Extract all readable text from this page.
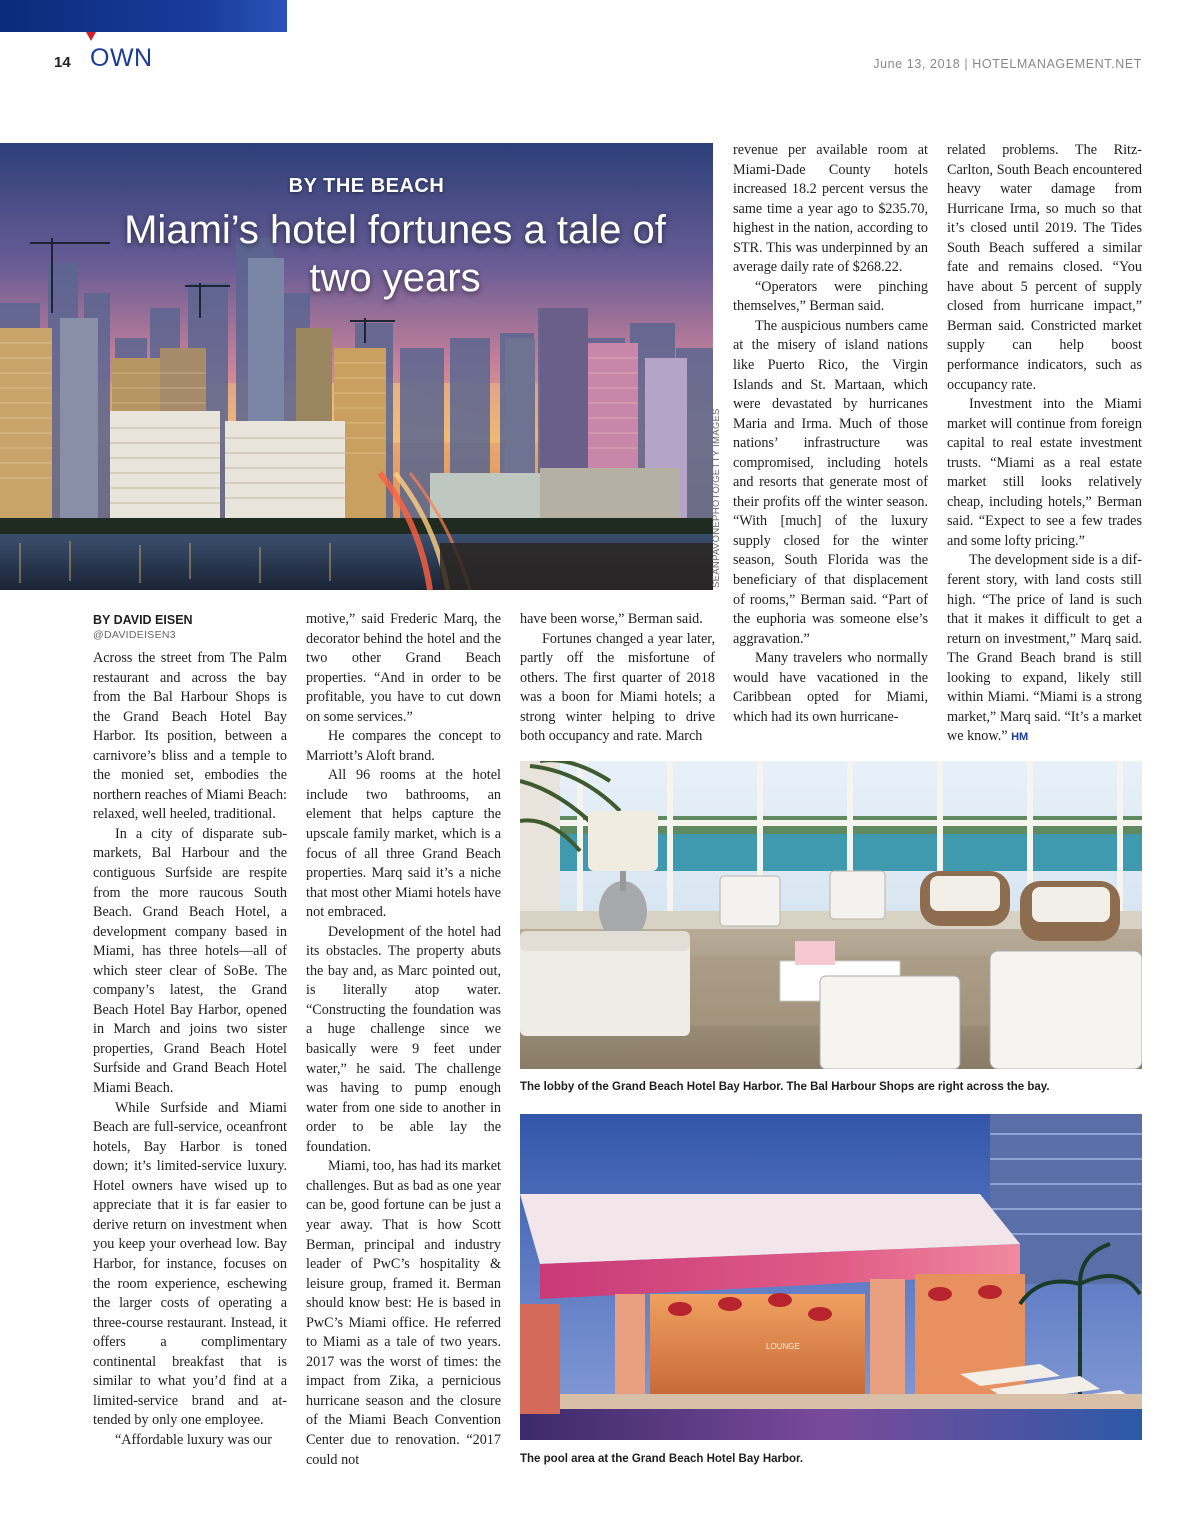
14 OWN	June 13, 2018 | HOTELMANAGEMENT.NET
BY THE BEACH
Miami’s hotel fortunes a tale of two years
SEANPAVONEPHOTO/GETTY IMAGES
BY DAVID EISEN
@DAVIDEISEN3

Across the street from The Palm restaurant and across the bay from the Bal Harbour Shops is the Grand Beach Hotel Bay Harbor. Its position, between a carnivore’s bliss and a temple to the monied set, embodies the northern reaches of Miami Beach: relaxed, well heeled, traditional.

In a city of disparate submarkets, Bal Harbour and the contiguous Surfside are respite from the more raucous South Beach. Grand Beach Hotel, a development company based in Miami, has three hotels—all of which steer clear of SoBe. The company’s latest, the Grand Beach Hotel Bay Harbor, opened in March and joins two sister properties, Grand Beach Hotel Surfside and Grand Beach Hotel Miami Beach.

While Surfside and Miami Beach are full-service, oceanfront hotels, Bay Harbor is toned down; it’s limited-service luxury. Hotel owners have wised up to appreciate that it is far easier to derive return on investment when you keep your overhead low. Bay Harbor, for instance, focuses on the room experience, eschewing the larger costs of operating a three-course restaurant. Instead, it offers a complimentary continental breakfast that is similar to what you’d find at a limited-service brand and attended by only one employee.

“Affordable luxury was our

motive,” said Frederic Marq, the decorator behind the hotel and the two other Grand Beach properties. “And in order to be profitable, you have to cut down on some services.”

He compares the concept to Marriott’s Aloft brand.

All 96 rooms at the hotel include two bathrooms, an element that helps capture the upscale family market, which is a focus of all three Grand Beach properties. Marq said it’s a niche that most other Miami hotels have not embraced.

Development of the hotel had its obstacles. The property abuts the bay and, as Marc pointed out, is literally atop water. “Constructing the foundation was a huge challenge since we basically were 9 feet under water,” he said. The challenge was having to pump enough water from one side to another in order to be able lay the foundation.

Miami, too, has had its market challenges. But as bad as one year can be, good fortune can be just a year away. That is how Scott Berman, principal and industry leader of PwC’s hospitality & leisure group, framed it. Berman should know best: He is based in PwC’s Miami office. He referred to Miami as a tale of two years. 2017 was the worst of times: the impact from Zika, a pernicious hurricane season and the closure of the Miami Beach Convention Center due to renovation. “2017 could not

have been worse,” Berman said.

Fortunes changed a year later, partly off the misfortune of others. The first quarter of 2018 was a boon for Miami hotels; a strong winter helping to drive both occupancy and rate. March

revenue per available room at Miami-Dade County hotels increased 18.2 percent versus the same time a year ago to $235.70, highest in the nation, according to STR. This was underpinned by an average daily rate of $268.22.

“Operators were pinching themselves,” Berman said.

The auspicious numbers came at the misery of island nations like Puerto Rico, the Virgin Islands and St. Martaan, which were devastated by hurricanes Maria and Irma. Much of those nations’ infrastructure was compromised, including hotels and resorts that generate most of their profits off the winter season. “With [much] of the luxury supply closed for the winter season, South Florida was the beneficiary of that displacement of rooms,” Berman said. “Part of the euphoria was someone else’s aggravation.”

Many travelers who normally would have vacationed in the Caribbean opted for Miami, which had its own hurricane-

related problems. The Ritz-Carlton, South Beach encountered heavy water damage from Hurricane Irma, so much so that it’s closed until 2019. The Tides South Beach suffered a similar fate and remains closed. “You have about 5 percent of supply closed from hurricane impact,” Berman said. Constricted market supply can help boost performance indicators, such as occupancy rate.

Investment into the Miami market will continue from foreign capital to real estate investment trusts. “Miami as a real estate market still looks relatively cheap, including hotels,” Berman said. “Expect to see a few trades and some lofty pricing.”

The development side is a different story, with land costs still high. “The price of land is such that it makes it difficult to get a return on investment,” Marq said. The Grand Beach brand is still looking to expand, likely still within Miami. “Miami is a strong market,” Marq said. “It’s a market we know.” HM

The lobby of the Grand Beach Hotel Bay Harbor. The Bal Harbour Shops are right across the bay.
LOUNGE
The pool area at the Grand Beach Hotel Bay Harbor.
